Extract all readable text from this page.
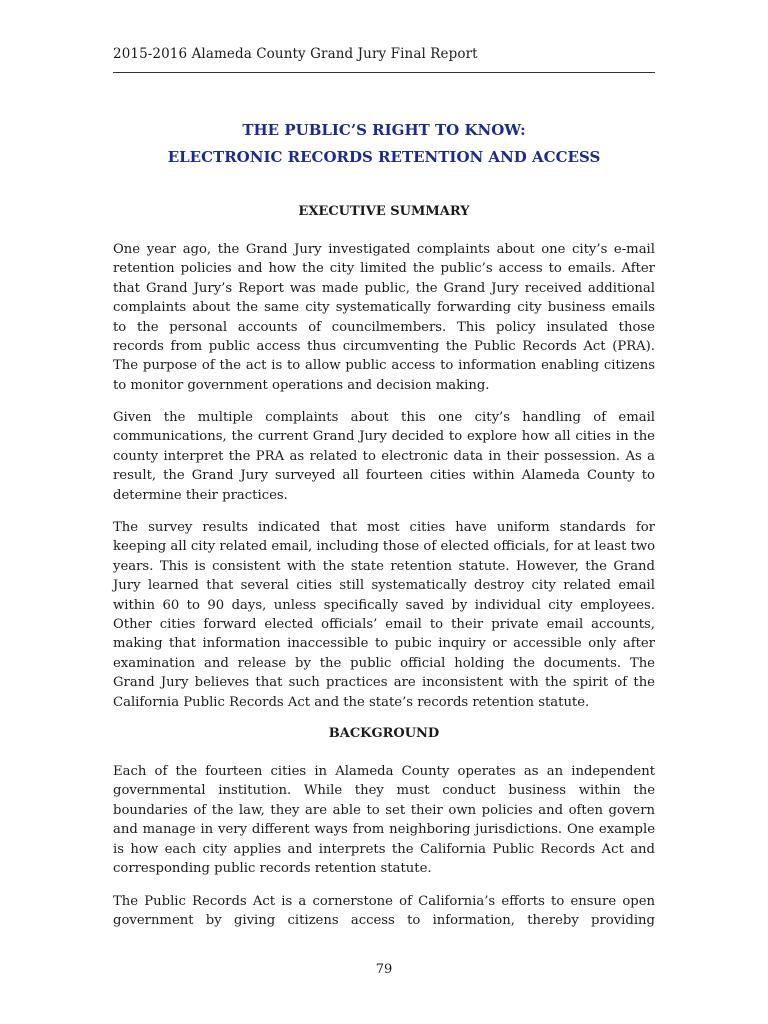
2015-2016 Alameda County Grand Jury Final Report
THE PUBLIC’S RIGHT TO KNOW:
ELECTRONIC RECORDS RETENTION AND ACCESS
EXECUTIVE SUMMARY
One year ago, the Grand Jury investigated complaints about one city’s e-mail
retention policies and how the city limited the public’s access to emails. After
that Grand Jury’s Report was made public, the Grand Jury received additional
complaints about the same city systematically forwarding city business emails
to the personal accounts of councilmembers. This policy insulated those
records from public access thus circumventing the Public Records Act (PRA).
The purpose of the act is to allow public access to information enabling citizens
to monitor government operations and decision making.
Given the multiple complaints about this one city’s handling of email
communications, the current Grand Jury decided to explore how all cities in the
county interpret the PRA as related to electronic data in their possession. As a
result, the Grand Jury surveyed all fourteen cities within Alameda County to
determine their practices.
The survey results indicated that most cities have uniform standards for
keeping all city related email, including those of elected officials, for at least two
years. This is consistent with the state retention statute. However, the Grand
Jury learned that several cities still systematically destroy city related email
within 60 to 90 days, unless specifically saved by individual city employees.
Other cities forward elected officials’ email to their private email accounts,
making that information inaccessible to pubic inquiry or accessible only after
examination and release by the public official holding the documents. The
Grand Jury believes that such practices are inconsistent with the spirit of the
California Public Records Act and the state’s records retention statute.
BACKGROUND
Each of the fourteen cities in Alameda County operates as an independent
governmental institution. While they must conduct business within the
boundaries of the law, they are able to set their own policies and often govern
and manage in very different ways from neighboring jurisdictions. One example
is how each city applies and interprets the California Public Records Act and
corresponding public records retention statute.
The Public Records Act is a cornerstone of California’s efforts to ensure open
government by giving citizens access to information, thereby providing
79
